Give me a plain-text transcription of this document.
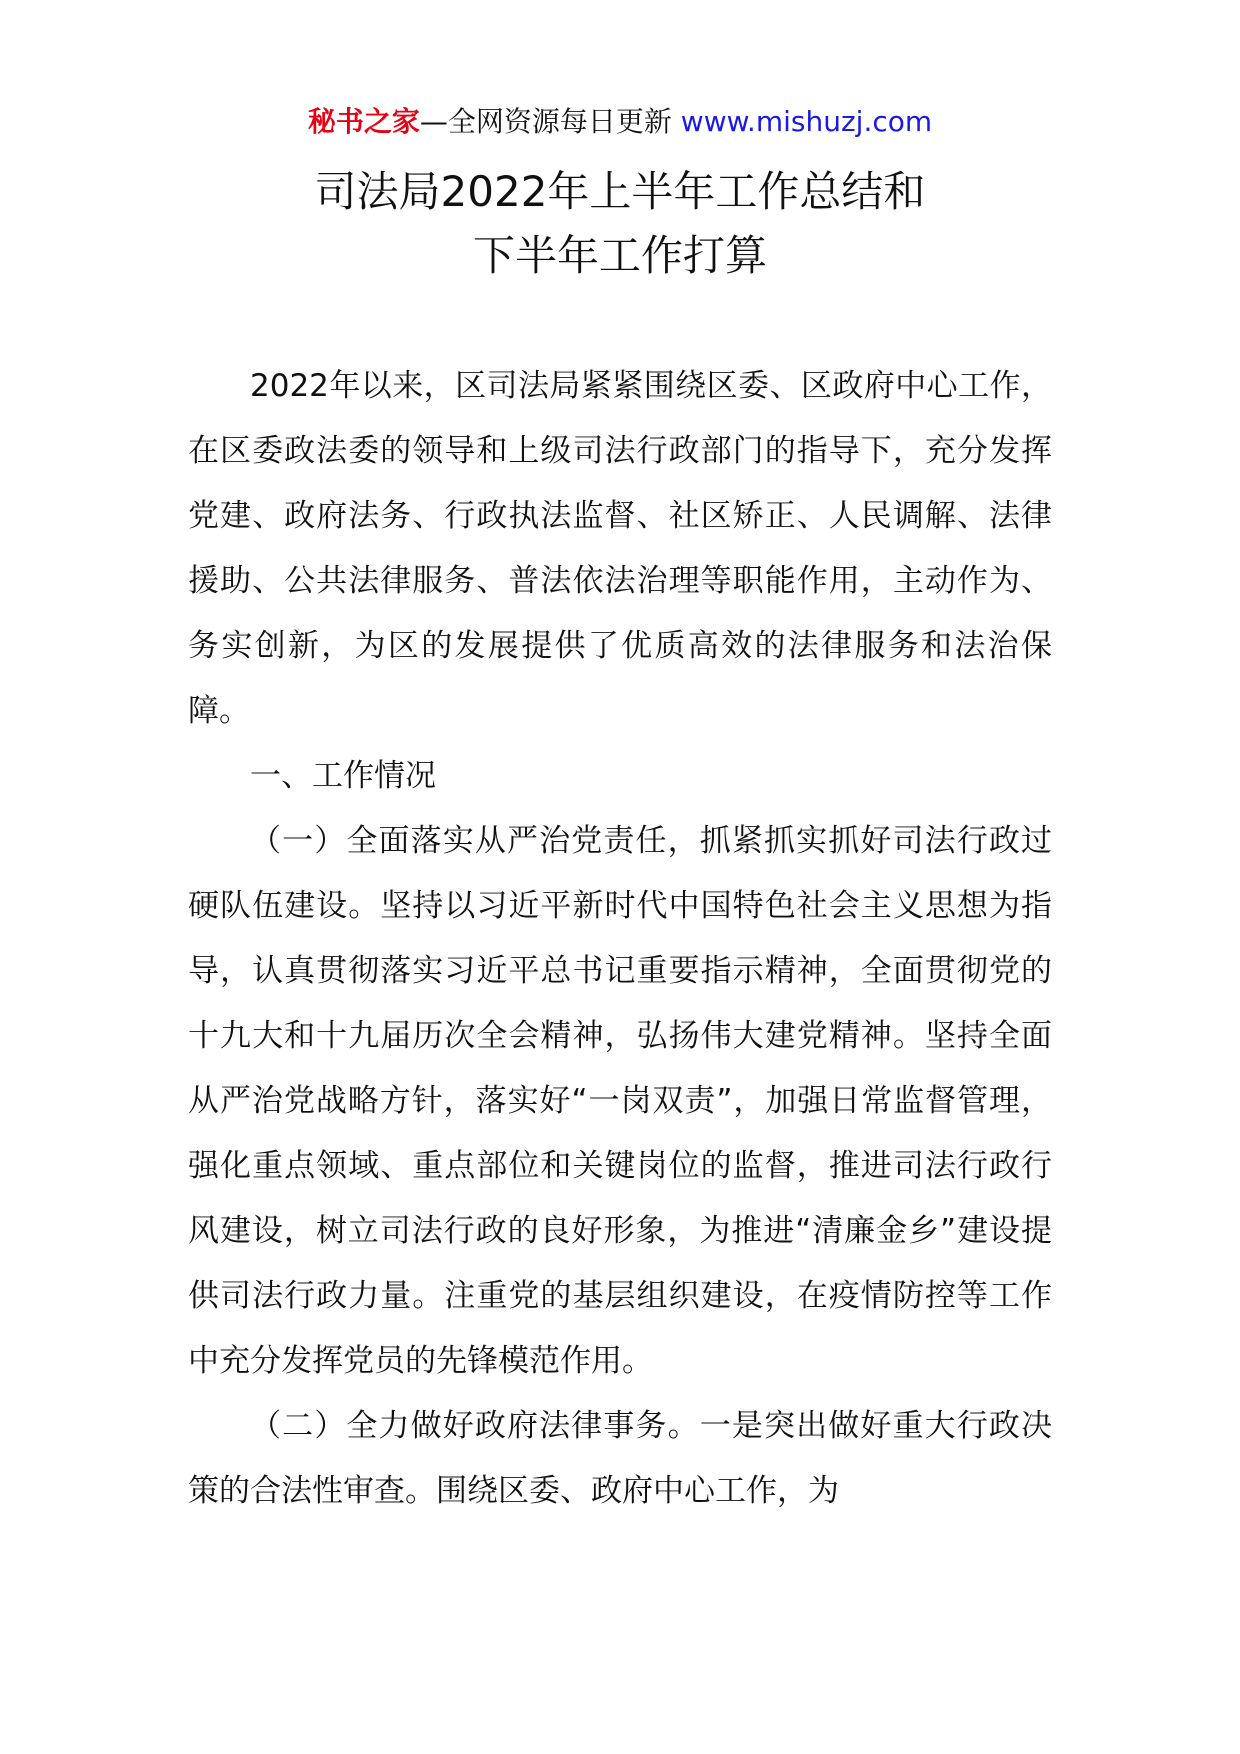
秘书之家—全网资源每日更新 www.mishuzj.com
司法局2022年上半年工作总结和
下半年工作打算

2022年以来，区司法局紧紧围绕区委、区政府中心工作，在区委政法委的领导和上级司法行政部门的指导下，充分发挥党建、政府法务、行政执法监督、社区矫正、人民调解、法律援助、公共法律服务、普法依法治理等职能作用，主动作为、务实创新，为区的发展提供了优质高效的法律服务和法治保障。

一、工作情况

（一）全面落实从严治党责任，抓紧抓实抓好司法行政过硬队伍建设。坚持以习近平新时代中国特色社会主义思想为指导，认真贯彻落实习近平总书记重要指示精神，全面贯彻党的十九大和十九届历次全会精神，弘扬伟大建党精神。坚持全面从严治党战略方针，落实好“一岗双责”，加强日常监督管理，强化重点领域、重点部位和关键岗位的监督，推进司法行政行风建设，树立司法行政的良好形象，为推进“清廉金乡”建设提供司法行政力量。注重党的基层组织建设，在疫情防控等工作中充分发挥党员的先锋模范作用。

（二）全力做好政府法律事务。一是突出做好重大行政决策的合法性审查。围绕区委、政府中心工作，为
